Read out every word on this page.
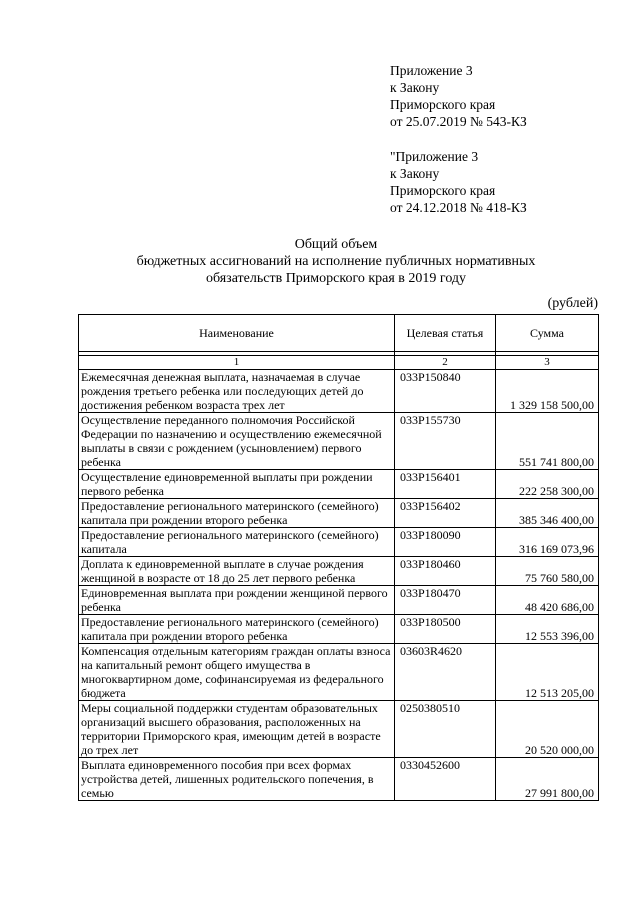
Приложение 3
к Закону
Приморского края
от 25.07.2019 № 543-КЗ
"Приложение 3
к Закону
Приморского края
от 24.12.2018 № 418-КЗ
Общий объем
бюджетных ассигнований на исполнение публичных нормативных
обязательств Приморского края в 2019 году
(рублей)
Наименование	Целевая статья	Сумма

1	2	3
Ежемесячная денежная выплата, назначаемая в случае рождения третьего ребенка или последующих детей до достижения ребенком возраста трех лет	033P150840	1 329 158 500,00
Осуществление переданного полномочия Российской Федерации по назначению и осуществлению ежемесячной выплаты в связи с рождением (усыновлением) первого ребенка	033P155730	551 741 800,00
Осуществление единовременной выплаты при рождении первого ребенка	033P156401	222 258 300,00
Предоставление регионального материнского (семейного) капитала при рождении второго ребенка	033P156402	385 346 400,00
Предоставление регионального материнского (семейного) капитала	033P180090	316 169 073,96
Доплата к единовременной выплате в случае рождения женщиной в возрасте от 18 до 25 лет первого ребенка	033P180460	75 760 580,00
Единовременная выплата при рождении женщиной первого ребенка	033P180470	48 420 686,00
Предоставление регионального материнского (семейного) капитала при рождении второго ребенка	033P180500	12 553 396,00
Компенсация отдельным категориям граждан оплаты взноса на капитальный ремонт общего имущества в многоквартирном доме, софинансируемая из федерального бюджета	03603R4620	12 513 205,00
Меры социальной поддержки студентам образовательных организаций высшего образования, расположенных на территории Приморского края, имеющим детей в возрасте до трех лет	0250380510	20 520 000,00
Выплата единовременного пособия при всех формах устройства детей, лишенных родительского попечения, в семью	0330452600	27 991 800,00
